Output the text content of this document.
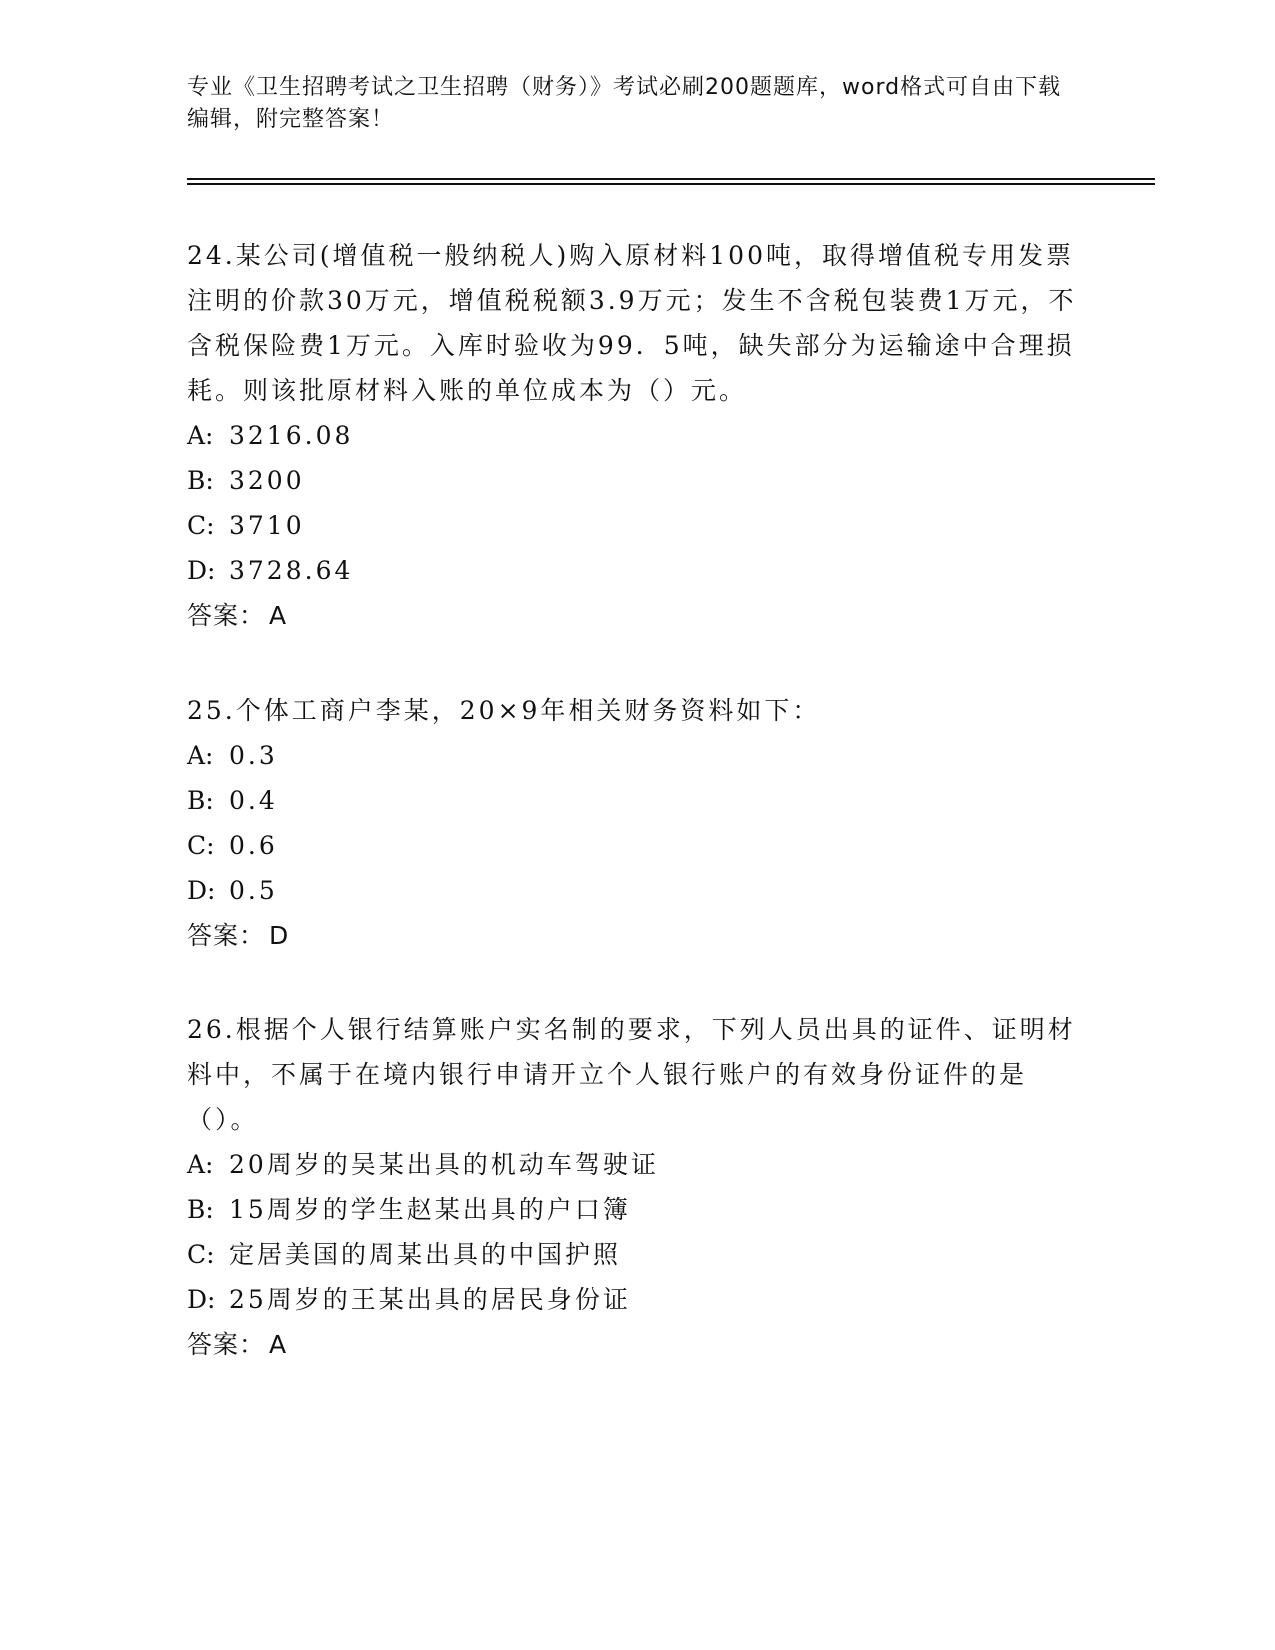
专业《卫生招聘考试之卫生招聘（财务）》考试必刷200题题库，word格式可自由下载编辑，附完整答案！

24.某公司(增值税一般纳税人)购入原材料100吨，取得增值税专用发票注明的价款30万元，增值税税额3.9万元；发生不含税包装费1万元，不含税保险费1万元。入库时验收为99．5吨，缺失部分为运输途中合理损耗。则该批原材料入账的单位成本为（）元。

A: 3216.08

B: 3200

C: 3710

D: 3728.64

答案： A

25.个体工商户李某，20×9年相关财务资料如下：

A: 0.3

B: 0.4

C: 0.6

D: 0.5

答案： D

26.根据个人银行结算账户实名制的要求，下列人员出具的证件、证明材料中，不属于在境内银行申请开立个人银行账户的有效身份证件的是（）。

A: 20周岁的吴某出具的机动车驾驶证

B: 15周岁的学生赵某出具的户口簿

C: 定居美国的周某出具的中国护照

D: 25周岁的王某出具的居民身份证

答案： A
